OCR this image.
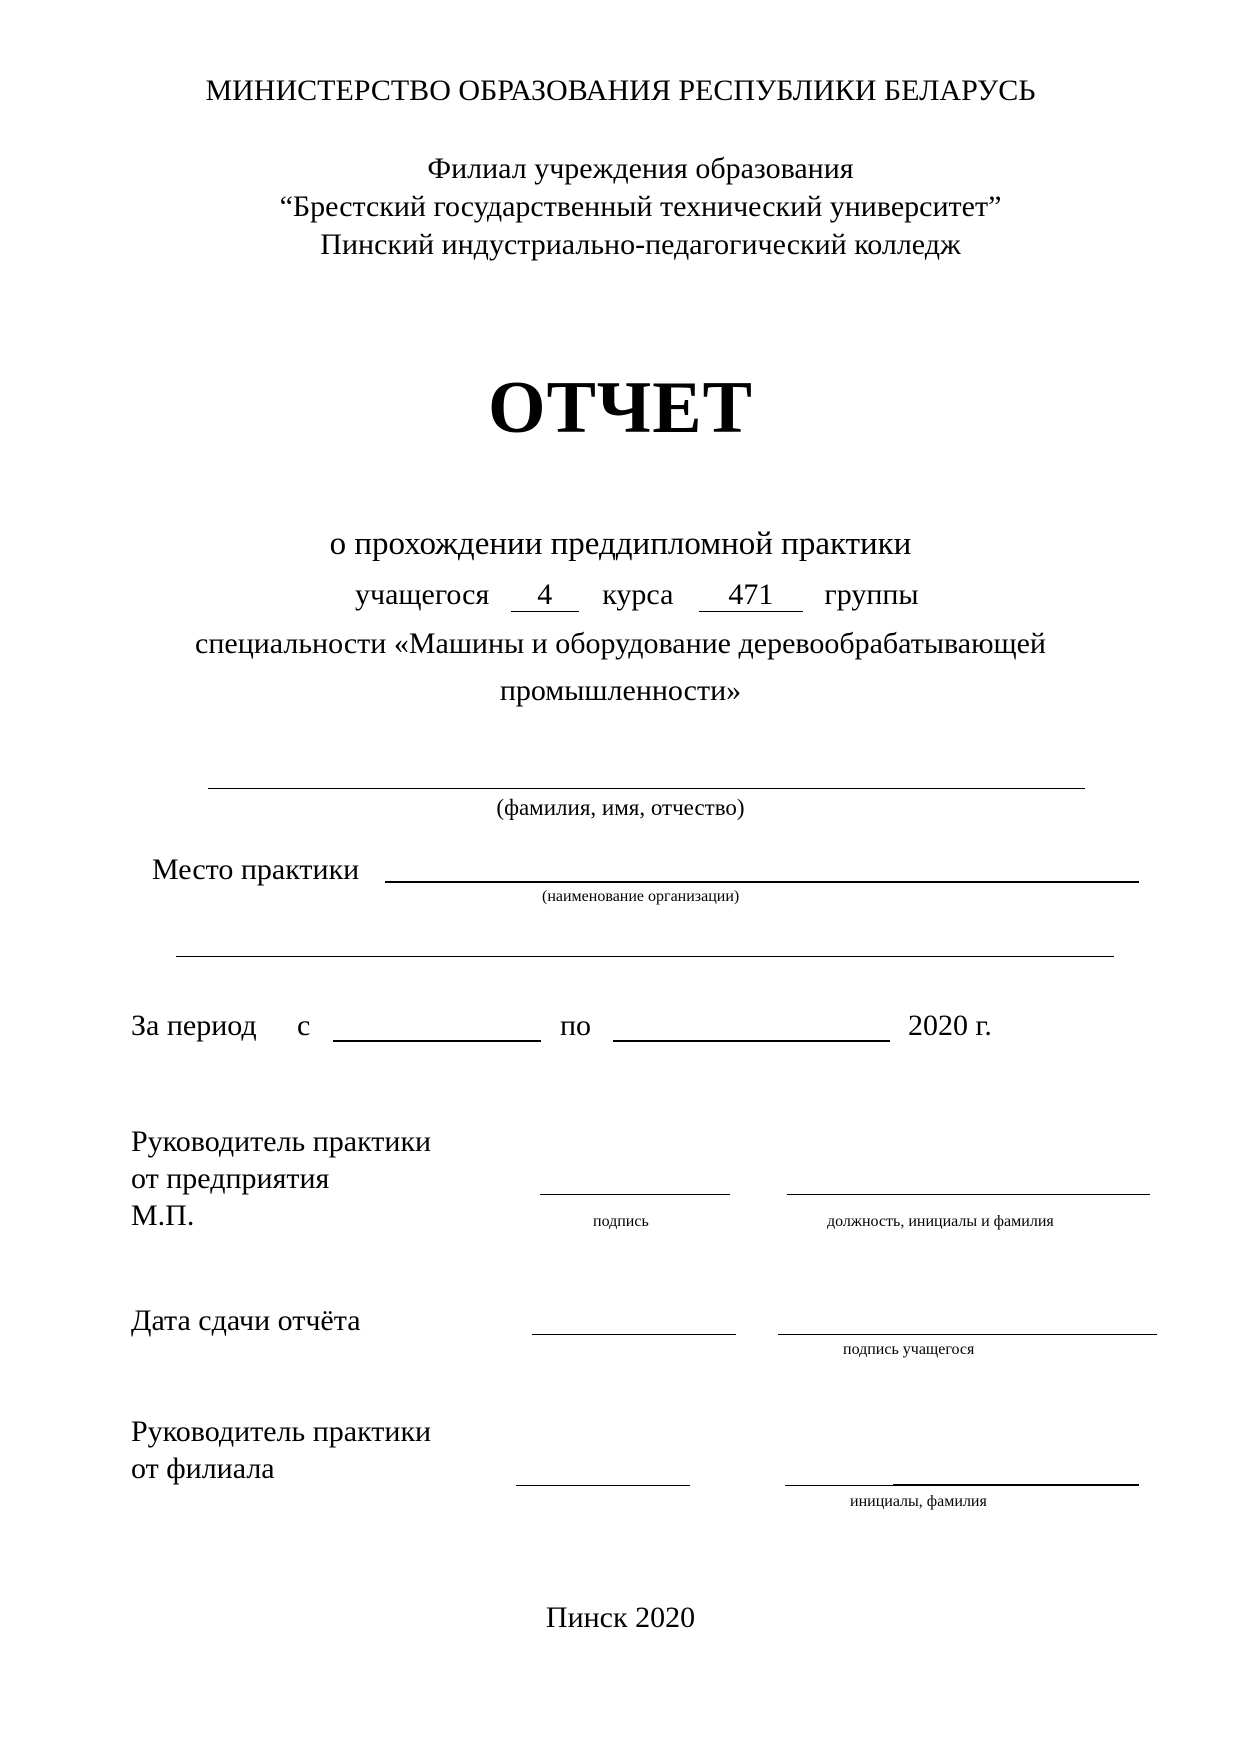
МИНИСТЕРСТВО ОБРАЗОВАНИЯ РЕСПУБЛИКИ БЕЛАРУСЬ
Филиал учреждения образования
“Брестский государственный технический университет”
Пинский индустриально-педагогический колледж
ОТЧЕТ
о прохождении преддипломной практики
учащегося 4 курса 471 группы
специальности «Машины и оборудование деревообрабатывающей
промышленности»
(фамилия, имя, отчество)
Место практики
(наименование организации)
За период с	по	2020 г.
Руководитель практики
от предприятия
М.П.	подпись	должность, инициалы и фамилия
Дата сдачи отчёта
подпись учащегося
Руководитель практики
от филиала
инициалы, фамилия
Пинск 2020
